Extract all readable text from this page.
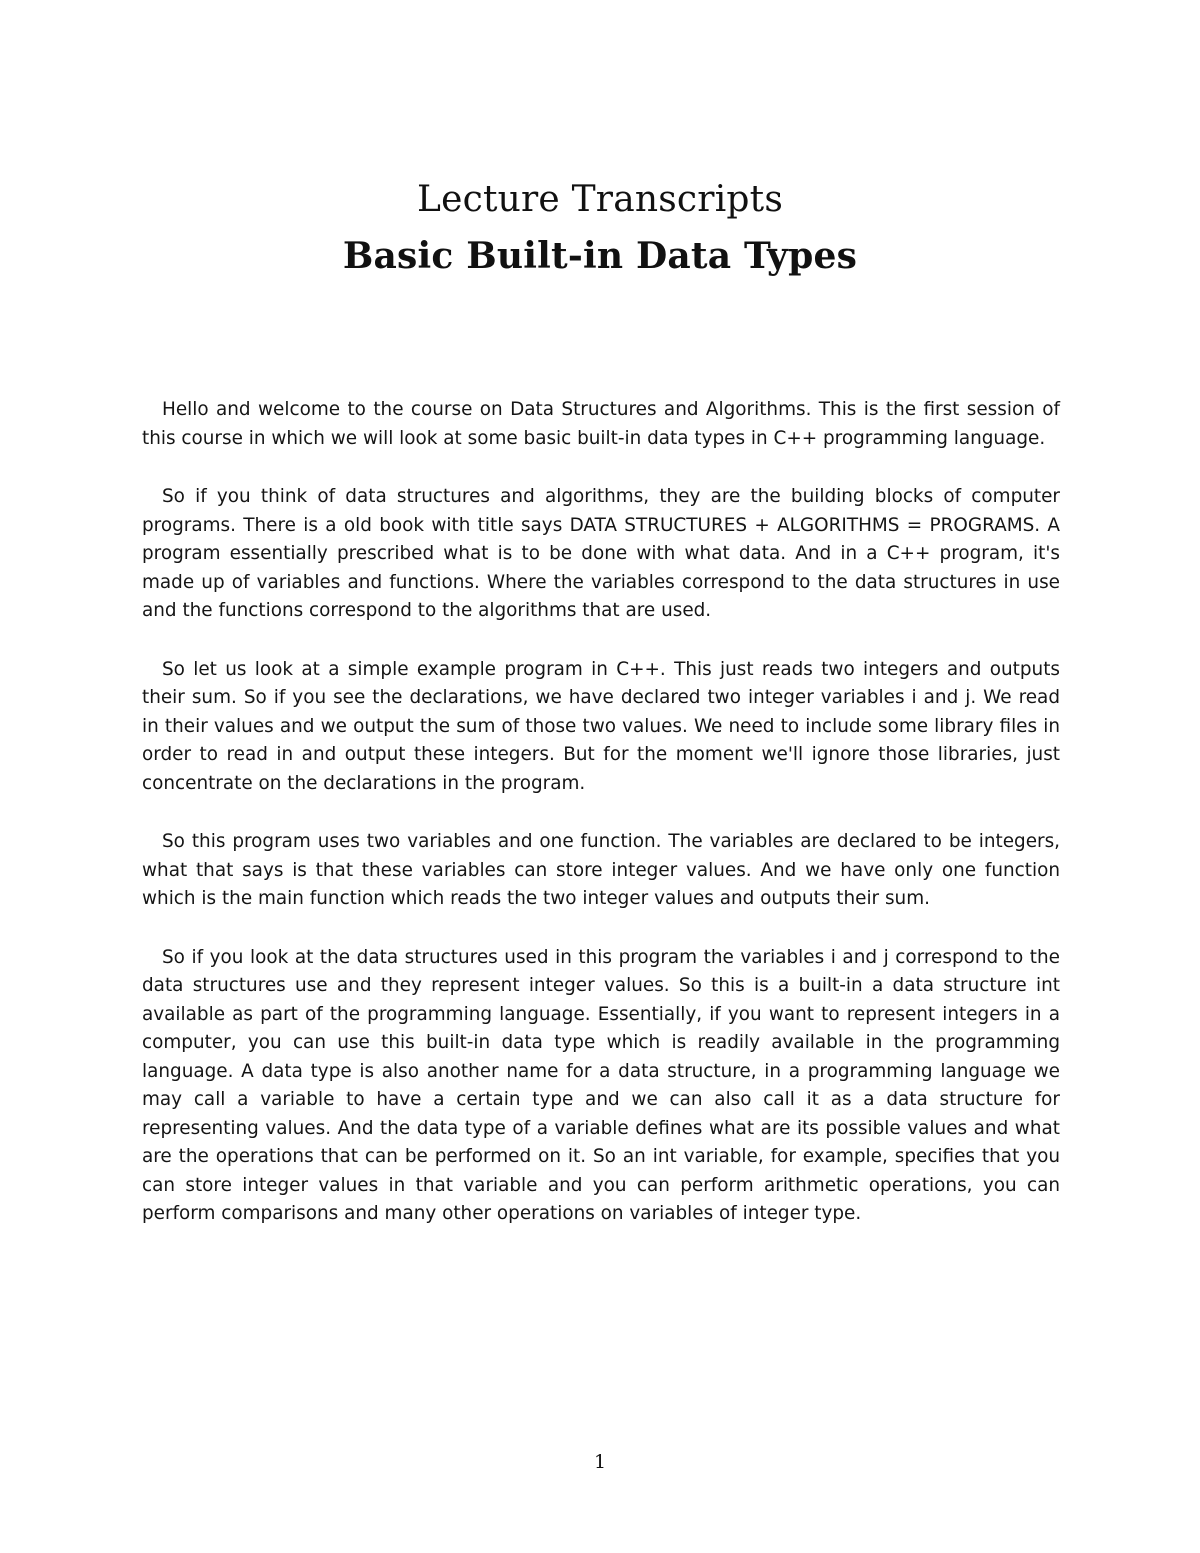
Lecture Transcripts
Basic Built-in Data Types

Hello and welcome to the course on Data Structures and Algorithms. This is the first session of this course in which we will look at some basic built-in data types in C++ programming language.

So if you think of data structures and algorithms, they are the building blocks of computer programs. There is a old book with title says DATA STRUCTURES + ALGORITHMS = PROGRAMS. A program essentially prescribed what is to be done with what data. And in a C++ program, it's made up of variables and functions. Where the variables correspond to the data structures in use and the functions correspond to the algorithms that are used.

So let us look at a simple example program in C++. This just reads two integers and outputs their sum. So if you see the declarations, we have declared two integer variables i and j. We read in their values and we output the sum of those two values. We need to include some library files in order to read in and output these integers. But for the moment we'll ignore those libraries, just concentrate on the declarations in the program.

So this program uses two variables and one function. The variables are declared to be integers, what that says is that these variables can store integer values. And we have only one function which is the main function which reads the two integer values and outputs their sum.

So if you look at the data structures used in this program the variables i and j correspond to the data structures use and they represent integer values. So this is a built-in a data structure int available as part of the programming language. Essentially, if you want to represent integers in a computer, you can use this built-in data type which is readily available in the programming language. A data type is also another name for a data structure, in a programming language we may call a variable to have a certain type and we can also call it as a data structure for representing values. And the data type of a variable defines what are its possible values and what are the operations that can be performed on it. So an int variable, for example, specifies that you can store integer values in that variable and you can perform arithmetic operations, you can perform comparisons and many other operations on variables of integer type.

1
